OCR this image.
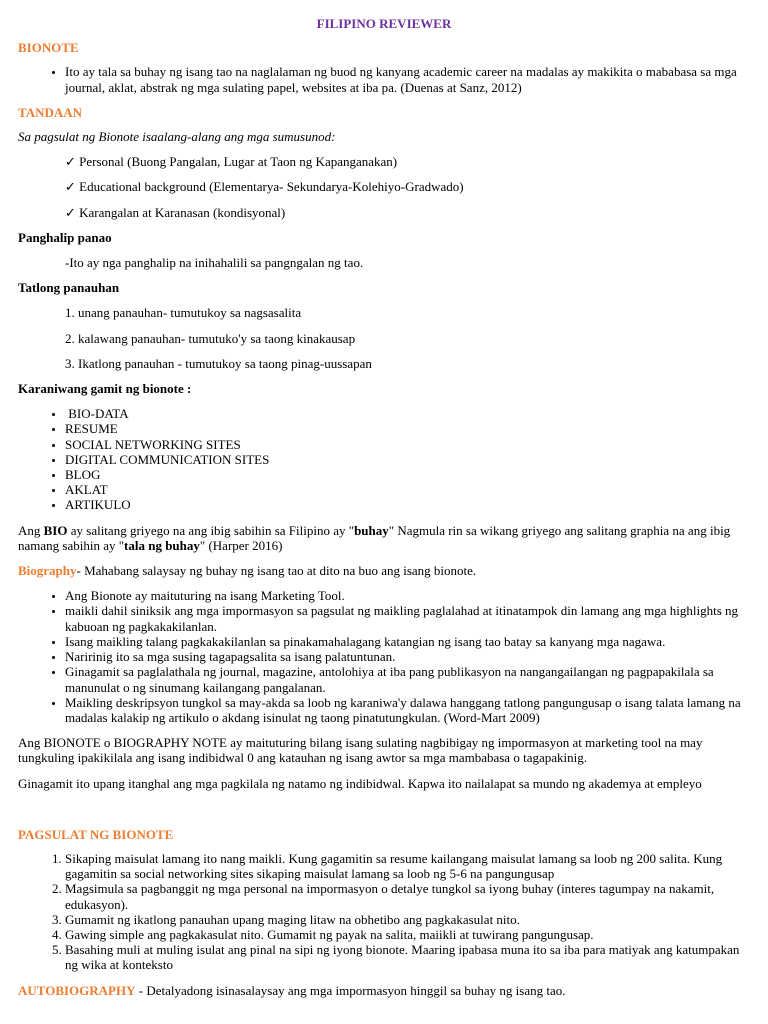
FILIPINO REVIEWER
BIONOTE
• Ito ay tala sa buhay ng isang tao na naglalaman ng buod ng kanyang academic career na madalas ay makikita o mababasa sa mga journal, aklat, abstrak ng mga sulating papel, websites at iba pa. (Duenas at Sanz, 2012)
TANDAAN

Sa pagsulat ng Bionote isaalang-alang ang mga sumusunod:

✓ Personal (Buong Pangalan, Lugar at Taon ng Kapanganakan)

✓ Educational background (Elementarya- Sekundarya-Kolehiyo-Gradwado)

✓ Karangalan at Karanasan (kondisyonal)

Panghalip panao

-Ito ay nga panghalip na inihahalili sa pangngalan ng tao.

Tatlong panauhan

1. unang panauhan- tumutukoy sa nagsasalita

2. kalawang panauhan- tumutuko'y sa taong kinakausap

3. Ikatlong panauhan - tumutukoy sa taong pinag-uussapan

Karaniwang gamit ng bionote :
•  BIO-DATA
• RESUME
• SOCIAL NETWORKING SITES
• DIGITAL COMMUNICATION SITES
• BLOG
• AKLAT
• ARTIKULO

Ang BIO ay salitang griyego na ang ibig sabihin sa Filipino ay "buhay" Nagmula rin sa wikang griyego ang salitang graphia na ang ibig namang sabihin ay "tala ng buhay" (Harper 2016)

Biography- Mahabang salaysay ng buhay ng isang tao at dito na buo ang isang bionote.

• Ang Bionote ay maituturing na isang Marketing Tool.
• maikli dahil siniksik ang mga impormasyon sa pagsulat ng maikling paglalahad at itinatampok din lamang ang mga highlights ng kabuoan ng pagkakakilanlan.
• Isang maikling talang pagkakakilanlan sa pinakamahalagang katangian ng isang tao batay sa kanyang mga nagawa.
• Naririnig ito sa mga susing tagapagsalita sa isang palatuntunan.
• Ginagamit sa paglalathala ng journal, magazine, antolohiya at iba pang publikasyon na nangangailangan ng pagpapakilala sa manunulat o ng sinumang kailangang pangalanan.
• Maikling deskripsyon tungkol sa may-akda sa loob ng karaniwa'y dalawa hanggang tatlong pangungusap o isang talata lamang na madalas kalakip ng artikulo o akdang isinulat ng taong pinatutungkulan. (Word-Mart 2009)

Ang BIONOTE o BIOGRAPHY NOTE ay maituturing bilang isang sulating nagbibigay ng impormasyon at marketing tool na may tungkuling ipakikilala ang isang indibidwal 0 ang katauhan ng isang awtor sa mga mambabasa o tagapakinig.

Ginagamit ito upang itanghal ang mga pagkilala ng natamo ng indibidwal. Kapwa ito nailalapat sa mundo ng akademya at empleyo

PAGSULAT NG BIONOTE
1. Sikaping maisulat lamang ito nang maikli. Kung gagamitin sa resume kailangang maisulat lamang sa loob ng 200 salita. Kung gagamitin sa social networking sites sikaping maisulat lamang sa loob ng 5-6 na pangungusap
2. Magsimula sa pagbanggit ng mga personal na impormasyon o detalye tungkol sa iyong buhay (interes tagumpay na nakamit, edukasyon).
3. Gumamit ng ikatlong panauhan upang maging litaw na obhetibo ang pagkakasulat nito.
4. Gawing simple ang pagkakasulat nito. Gumamit ng payak na salita, maiikli at tuwirang pangungusap.
5. Basahing muli at muling isulat ang pinal na sipi ng iyong bionote. Maaring ipabasa muna ito sa iba para matiyak ang katumpakan ng wika at konteksto

AUTOBIOGRAPHY - Detalyadong isinasalaysay ang mga impormasyon hinggil sa buhay ng isang tao.
